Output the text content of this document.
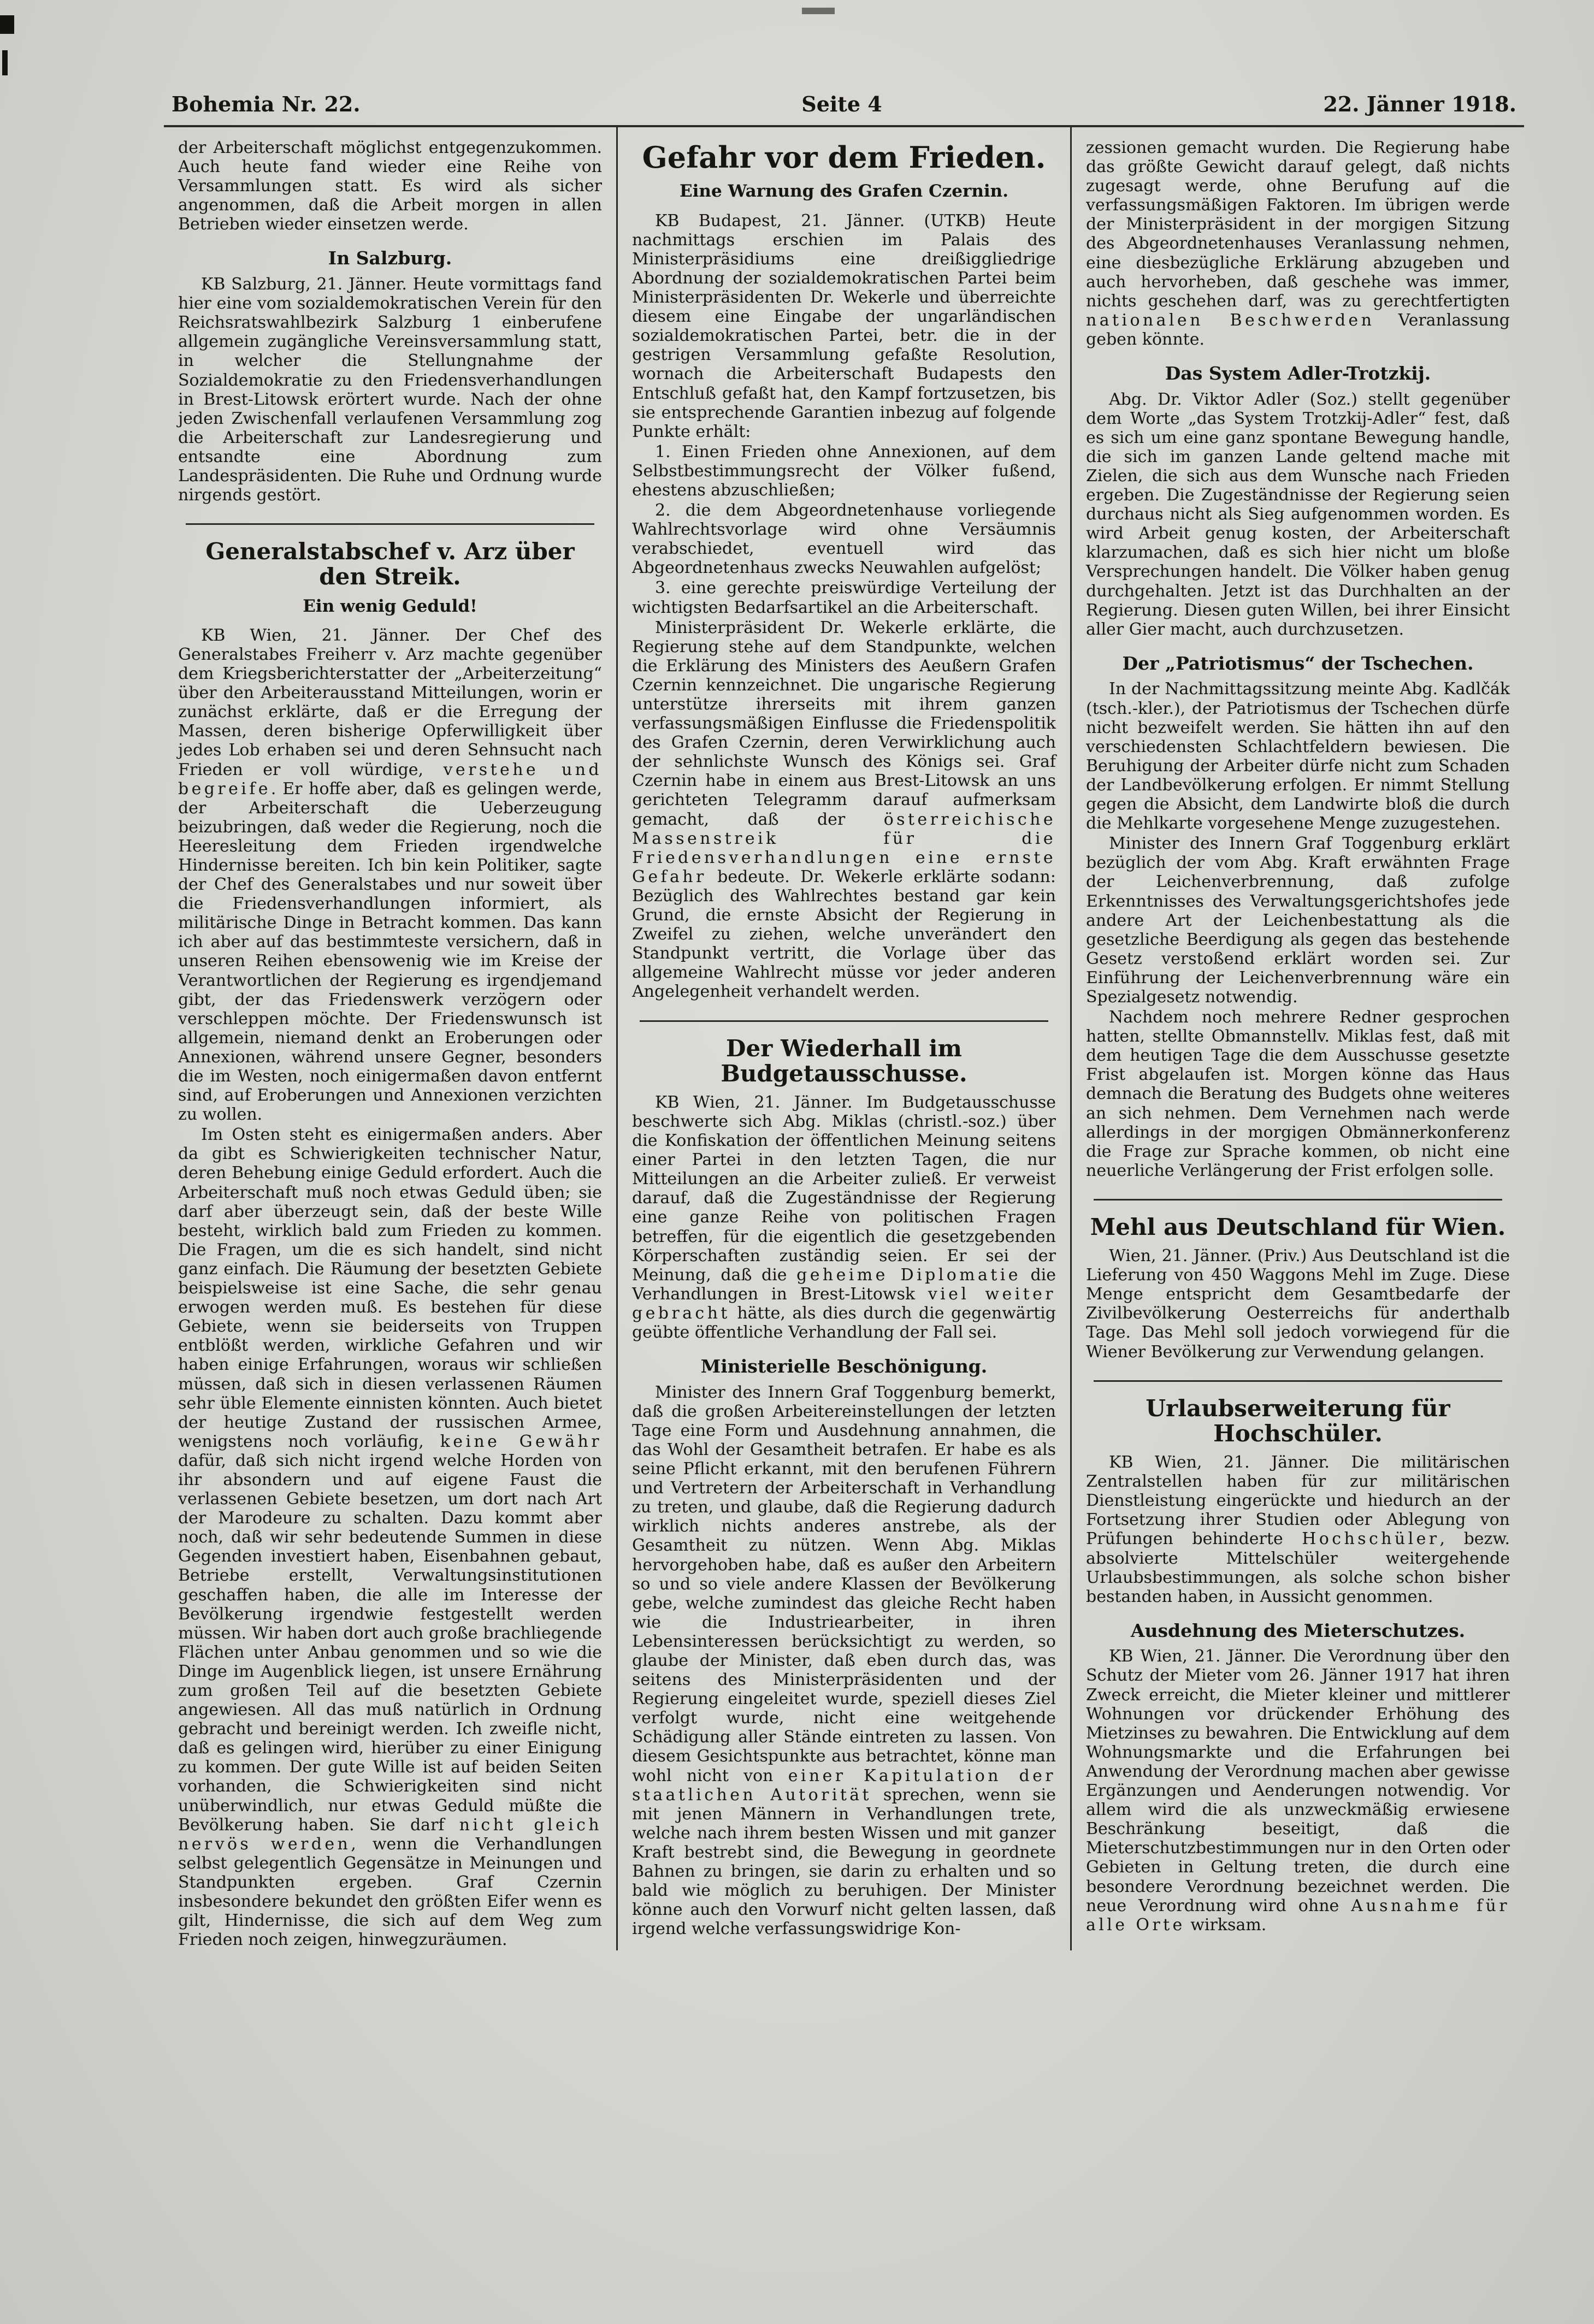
Bohemia Nr. 22.	Seite 4	22. Jänner 1918.

der Arbeiterschaft möglichst entgegenzukommen. Auch heute fand wieder eine Reihe von Versammlungen statt. Es wird als sicher angenommen, daß die Arbeit morgen in allen Betrieben wieder einsetzen werde.

In Salzburg.

KB Salzburg, 21. Jänner. Heute vormittags fand hier eine vom sozialdemokratischen Verein für den Reichsratswahlbezirk Salzburg 1 einberufene allgemein zugängliche Vereinsversammlung statt, in welcher die Stellungnahme der Sozialdemokratie zu den Friedensverhandlungen in Brest-Litowsk erörtert wurde. Nach der ohne jeden Zwischenfall verlaufenen Versammlung zog die Arbeiterschaft zur Landesregierung und entsandte eine Abordnung zum Landespräsidenten. Die Ruhe und Ordnung wurde nirgends gestört.

Generalstabschef v. Arz über den Streik.
Ein wenig Geduld!

KB Wien, 21. Jänner. Der Chef des Generalstabes Freiherr v. Arz machte gegenüber dem Kriegsberichterstatter der „Arbeiterzeitung“ über den Arbeiterausstand Mitteilungen, worin er zunächst erklärte, daß er die Erregung der Massen, deren bisherige Opferwilligkeit über jedes Lob erhaben sei und deren Sehnsucht nach Frieden er voll würdige, verstehe und begreife. Er hoffe aber, daß es gelingen werde, der Arbeiterschaft die Ueberzeugung beizubringen, daß weder die Regierung, noch die Heeresleitung dem Frieden irgendwelche Hindernisse bereiten. Ich bin kein Politiker, sagte der Chef des Generalstabes und nur soweit über die Friedensverhandlungen informiert, als militärische Dinge in Betracht kommen. Das kann ich aber auf das bestimmteste versichern, daß in unseren Reihen ebensowenig wie im Kreise der Verantwortlichen der Regierung es irgendjemand gibt, der das Friedenswerk verzögern oder verschleppen möchte. Der Friedenswunsch ist allgemein, niemand denkt an Eroberungen oder Annexionen, während unsere Gegner, besonders die im Westen, noch einigermaßen davon entfernt sind, auf Eroberungen und Annexionen verzichten zu wollen.

Im Osten steht es einigermaßen anders. Aber da gibt es Schwierigkeiten technischer Natur, deren Behebung einige Geduld erfordert. Auch die Arbeiterschaft muß noch etwas Geduld üben; sie darf aber überzeugt sein, daß der beste Wille besteht, wirklich bald zum Frieden zu kommen. Die Fragen, um die es sich handelt, sind nicht ganz einfach. Die Räumung der besetzten Gebiete beispielsweise ist eine Sache, die sehr genau erwogen werden muß. Es bestehen für diese Gebiete, wenn sie beiderseits von Truppen entblößt werden, wirkliche Gefahren und wir haben einige Erfahrungen, woraus wir schließen müssen, daß sich in diesen verlassenen Räumen sehr üble Elemente einnisten könnten. Auch bietet der heutige Zustand der russischen Armee, wenigstens noch vorläufig, keine Gewähr dafür, daß sich nicht irgend welche Horden von ihr absondern und auf eigene Faust die verlassenen Gebiete besetzen, um dort nach Art der Marodeure zu schalten. Dazu kommt aber noch, daß wir sehr bedeutende Summen in diese Gegenden investiert haben, Eisenbahnen gebaut, Betriebe erstellt, Verwaltungsinstitutionen geschaffen haben, die alle im Interesse der Bevölkerung irgendwie festgestellt werden müssen. Wir haben dort auch große brachliegende Flächen unter Anbau genommen und so wie die Dinge im Augenblick liegen, ist unsere Ernährung zum großen Teil auf die besetzten Gebiete angewiesen. All das muß natürlich in Ordnung gebracht und bereinigt werden. Ich zweifle nicht, daß es gelingen wird, hierüber zu einer Einigung zu kommen. Der gute Wille ist auf beiden Seiten vorhanden, die Schwierigkeiten sind nicht unüberwindlich, nur etwas Geduld müßte die Bevölkerung haben. Sie darf nicht gleich nervös werden, wenn die Verhandlungen selbst gelegentlich Gegensätze in Meinungen und Standpunkten ergeben. Graf Czernin insbesondere bekundet den größten Eifer wenn es gilt, Hindernisse, die sich auf dem Weg zum Frieden noch zeigen, hinwegzuräumen.

Gefahr vor dem Frieden.
Eine Warnung des Grafen Czernin.

KB Budapest, 21. Jänner. (UTKB) Heute nachmittags erschien im Palais des Ministerpräsidiums eine dreißiggliedrige Abordnung der sozialdemokratischen Partei beim Ministerpräsidenten Dr. Wekerle und überreichte diesem eine Eingabe der ungarländischen sozialdemokratischen Partei, betr. die in der gestrigen Versammlung gefaßte Resolution, wornach die Arbeiterschaft Budapests den Entschluß gefaßt hat, den Kampf fortzusetzen, bis sie entsprechende Garantien inbezug auf folgende Punkte erhält:

1. Einen Frieden ohne Annexionen, auf dem Selbstbestimmungsrecht der Völker fußend, ehestens abzuschließen;

2. die dem Abgeordnetenhause vorliegende Wahlrechtsvorlage wird ohne Versäumnis verabschiedet, eventuell wird das Abgeordnetenhaus zwecks Neuwahlen aufgelöst;

3. eine gerechte preiswürdige Verteilung der wichtigsten Bedarfsartikel an die Arbeiterschaft.

Ministerpräsident Dr. Wekerle erklärte, die Regierung stehe auf dem Standpunkte, welchen die Erklärung des Ministers des Aeußern Grafen Czernin kennzeichnet. Die ungarische Regierung unterstütze ihrerseits mit ihrem ganzen verfassungsmäßigen Einflusse die Friedenspolitik des Grafen Czernin, deren Verwirklichung auch der sehnlichste Wunsch des Königs sei. Graf Czernin habe in einem aus Brest-Litowsk an uns gerichteten Telegramm darauf aufmerksam gemacht, daß der österreichische Massenstreik für die Friedensverhandlungen eine ernste Gefahr bedeute. Dr. Wekerle erklärte sodann: Bezüglich des Wahlrechtes bestand gar kein Grund, die ernste Absicht der Regierung in Zweifel zu ziehen, welche unverändert den Standpunkt vertritt, die Vorlage über das allgemeine Wahlrecht müsse vor jeder anderen Angelegenheit verhandelt werden.

Der Wiederhall im Budgetausschusse.

KB Wien, 21. Jänner. Im Budgetausschusse beschwerte sich Abg. Miklas (christl.-soz.) über die Konfiskation der öffentlichen Meinung seitens einer Partei in den letzten Tagen, die nur Mitteilungen an die Arbeiter zuließ. Er verweist darauf, daß die Zugeständnisse der Regierung eine ganze Reihe von politischen Fragen betreffen, für die eigentlich die gesetzgebenden Körperschaften zuständig seien. Er sei der Meinung, daß die geheime Diplomatie die Verhandlungen in Brest-Litowsk viel weiter gebracht hätte, als dies durch die gegenwärtig geübte öffentliche Verhandlung der Fall sei.

Ministerielle Beschönigung.

Minister des Innern Graf Toggenburg bemerkt, daß die großen Arbeitereinstellungen der letzten Tage eine Form und Ausdehnung annahmen, die das Wohl der Gesamtheit betrafen. Er habe es als seine Pflicht erkannt, mit den berufenen Führern und Vertretern der Arbeiterschaft in Verhandlung zu treten, und glaube, daß die Regierung dadurch wirklich nichts anderes anstrebe, als der Gesamtheit zu nützen. Wenn Abg. Miklas hervorgehoben habe, daß es außer den Arbeitern so und so viele andere Klassen der Bevölkerung gebe, welche zumindest das gleiche Recht haben wie die Industriearbeiter, in ihren Lebensinteressen berücksichtigt zu werden, so glaube der Minister, daß eben durch das, was seitens des Ministerpräsidenten und der Regierung eingeleitet wurde, speziell dieses Ziel verfolgt wurde, nicht eine weitgehende Schädigung aller Stände eintreten zu lassen. Von diesem Gesichtspunkte aus betrachtet, könne man wohl nicht von einer Kapitulation der staatlichen Autorität sprechen, wenn sie mit jenen Männern in Verhandlungen trete, welche nach ihrem besten Wissen und mit ganzer Kraft bestrebt sind, die Bewegung in geordnete Bahnen zu bringen, sie darin zu erhalten und so bald wie möglich zu beruhigen. Der Minister könne auch den Vorwurf nicht gelten lassen, daß irgend welche verfassungswidrige Kon-

zessionen gemacht wurden. Die Regierung habe das größte Gewicht darauf gelegt, daß nichts zugesagt werde, ohne Berufung auf die verfassungsmäßigen Faktoren. Im übrigen werde der Ministerpräsident in der morgigen Sitzung des Abgeordnetenhauses Veranlassung nehmen, eine diesbezügliche Erklärung abzugeben und auch hervorheben, daß geschehe was immer, nichts geschehen darf, was zu gerechtfertigten nationalen Beschwerden Veranlassung geben könnte.

Das System Adler-Trotzkij.

Abg. Dr. Viktor Adler (Soz.) stellt gegenüber dem Worte „das System Trotzkij-Adler“ fest, daß es sich um eine ganz spontane Bewegung handle, die sich im ganzen Lande geltend mache mit Zielen, die sich aus dem Wunsche nach Frieden ergeben. Die Zugeständnisse der Regierung seien durchaus nicht als Sieg aufgenommen worden. Es wird Arbeit genug kosten, der Arbeiterschaft klarzumachen, daß es sich hier nicht um bloße Versprechungen handelt. Die Völker haben genug durchgehalten. Jetzt ist das Durchhalten an der Regierung. Diesen guten Willen, bei ihrer Einsicht aller Gier macht, auch durchzusetzen.

Der „Patriotismus“ der Tschechen.

In der Nachmittagssitzung meinte Abg. Kadlčák (tsch.-kler.), der Patriotismus der Tschechen dürfe nicht bezweifelt werden. Sie hätten ihn auf den verschiedensten Schlachtfeldern bewiesen. Die Beruhigung der Arbeiter dürfe nicht zum Schaden der Landbevölkerung erfolgen. Er nimmt Stellung gegen die Absicht, dem Landwirte bloß die durch die Mehlkarte vorgesehene Menge zuzugestehen.

Minister des Innern Graf Toggenburg erklärt bezüglich der vom Abg. Kraft erwähnten Frage der Leichenverbrennung, daß zufolge Erkenntnisses des Verwaltungsgerichtshofes jede andere Art der Leichenbestattung als die gesetzliche Beerdigung als gegen das bestehende Gesetz verstoßend erklärt worden sei. Zur Einführung der Leichenverbrennung wäre ein Spezialgesetz notwendig.

Nachdem noch mehrere Redner gesprochen hatten, stellte Obmannstellv. Miklas fest, daß mit dem heutigen Tage die dem Ausschusse gesetzte Frist abgelaufen ist. Morgen könne das Haus demnach die Beratung des Budgets ohne weiteres an sich nehmen. Dem Vernehmen nach werde allerdings in der morgigen Obmännerkonferenz die Frage zur Sprache kommen, ob nicht eine neuerliche Verlängerung der Frist erfolgen solle.

Mehl aus Deutschland für Wien.

Wien, 21. Jänner. (Priv.) Aus Deutschland ist die Lieferung von 450 Waggons Mehl im Zuge. Diese Menge entspricht dem Gesamtbedarfe der Zivilbevölkerung Oesterreichs für anderthalb Tage. Das Mehl soll jedoch vorwiegend für die Wiener Bevölkerung zur Verwendung gelangen.

Urlaubserweiterung für Hochschüler.

KB Wien, 21. Jänner. Die militärischen Zentralstellen haben für zur militärischen Dienstleistung eingerückte und hiedurch an der Fortsetzung ihrer Studien oder Ablegung von Prüfungen behinderte Hochschüler, bezw. absolvierte Mittelschüler weitergehende Urlaubsbestimmungen, als solche schon bisher bestanden haben, in Aussicht genommen.

Ausdehnung des Mieterschutzes.

KB Wien, 21. Jänner. Die Verordnung über den Schutz der Mieter vom 26. Jänner 1917 hat ihren Zweck erreicht, die Mieter kleiner und mittlerer Wohnungen vor drückender Erhöhung des Mietzinses zu bewahren. Die Entwicklung auf dem Wohnungsmarkte und die Erfahrungen bei Anwendung der Verordnung machen aber gewisse Ergänzungen und Aenderungen notwendig. Vor allem wird die als unzweckmäßig erwiesene Beschränkung beseitigt, daß die Mieterschutzbestimmungen nur in den Orten oder Gebieten in Geltung treten, die durch eine besondere Verordnung bezeichnet werden. Die neue Verordnung wird ohne Ausnahme für alle Orte wirksam.
